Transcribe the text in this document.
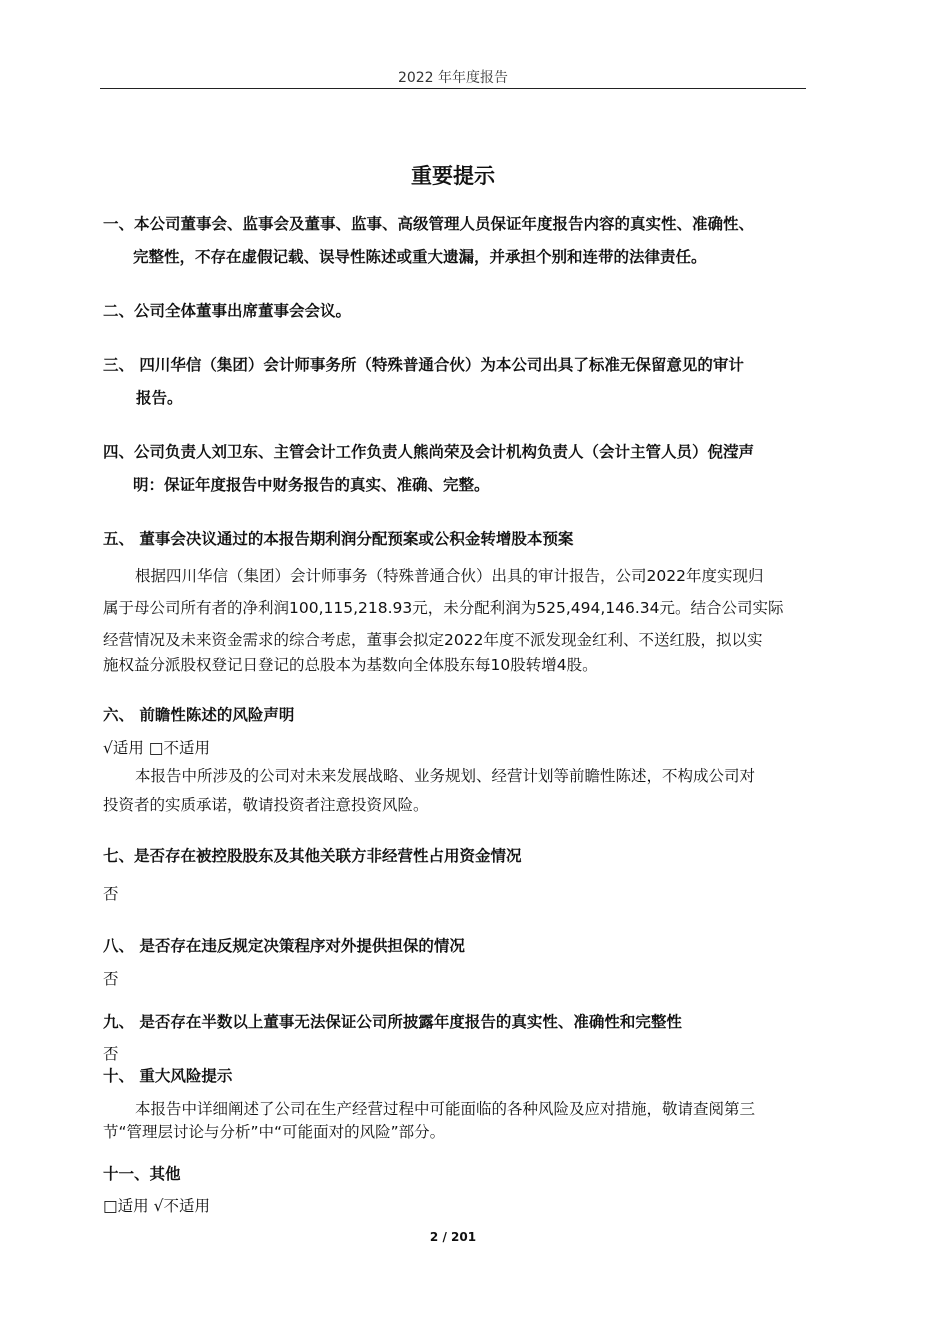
2022 年年度报告
重要提示
一、本公司董事会、监事会及董事、监事、高级管理人员保证年度报告内容的真实性、准确性、
完整性，不存在虚假记载、误导性陈述或重大遗漏，并承担个别和连带的法律责任。
二、公司全体董事出席董事会会议。
三、 四川华信（集团）会计师事务所（特殊普通合伙）为本公司出具了标准无保留意见的审计
报告。
四、公司负责人刘卫东、主管会计工作负责人熊尚荣及会计机构负责人（会计主管人员）倪滢声
明：保证年度报告中财务报告的真实、准确、完整。
五、 董事会决议通过的本报告期利润分配预案或公积金转增股本预案
根据四川华信（集团）会计师事务（特殊普通合伙）出具的审计报告，公司2022年度实现归
属于母公司所有者的净利润100,115,218.93元，未分配利润为525,494,146.34元。结合公司实际
经营情况及未来资金需求的综合考虑，董事会拟定2022年度不派发现金红利、不送红股，拟以实
施权益分派股权登记日登记的总股本为基数向全体股东每10股转增4股。
六、 前瞻性陈述的风险声明
√适用 □不适用
本报告中所涉及的公司对未来发展战略、业务规划、经营计划等前瞻性陈述，不构成公司对
投资者的实质承诺，敬请投资者注意投资风险。
七、是否存在被控股股东及其他关联方非经营性占用资金情况
否
八、 是否存在违反规定决策程序对外提供担保的情况
否
九、 是否存在半数以上董事无法保证公司所披露年度报告的真实性、准确性和完整性
否
十、 重大风险提示
本报告中详细阐述了公司在生产经营过程中可能面临的各种风险及应对措施，敬请查阅第三
节“管理层讨论与分析”中“可能面对的风险”部分。
十一、其他
□适用 √不适用
2 / 201
